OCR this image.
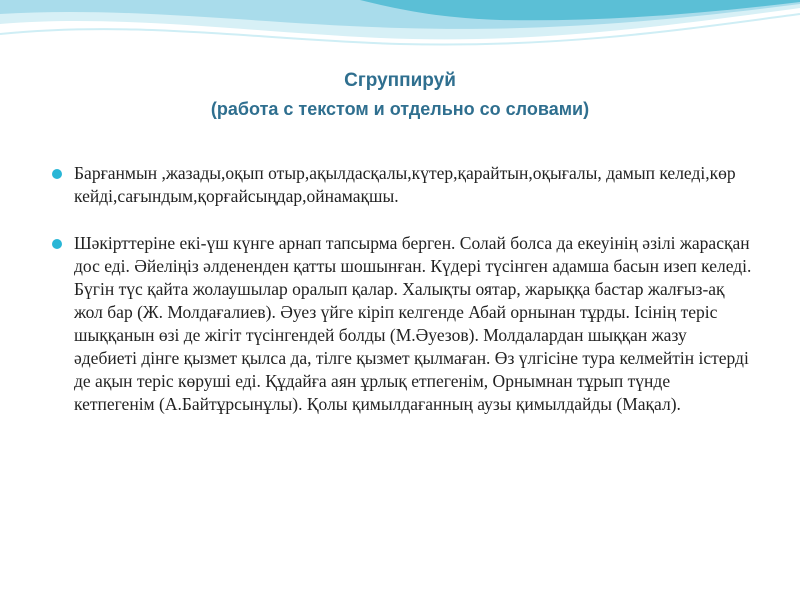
Сгруппируй
(работа с текстом и отдельно со словами)
Барғанмын ,жазады,оқып отыр,ақылдасқалы,күтер,қарайтын,оқығалы, дамып келеді,көр кейді,сағындым,қорғайсыңдар,ойнамақшы.
Шәкірттеріне екі-үш күнге арнап тапсырма берген. Солай болса да екеуінің әзілі жарасқан дос еді. Әйеліңіз әлдененден қатты шошынған. Күдері түсінген адамша басын изеп келеді. Бүгін түс қайта жолаушылар оралып қалар. Халықты оятар, жарыққа бастар жалғыз-ақ жол бар (Ж. Молдағалиев). Әуез үйге кіріп келгенде Абай орнынан тұрды. Ісінің теріс шыққанын өзі де жігіт түсінгендей болды (М.Әуезов). Молдалардан шыққан жазу әдебиеті дінге қызмет қылса да, тілге қызмет қылмаған. Өз үлгісіне тура келмейтін істерді де ақын теріс көруші еді. Құдайға аян ұрлық етпегенім, Орнымнан тұрып түнде кетпегенім (А.Байтұрсынұлы). Қолы қимылдағанның аузы қимылдайды (Мақал).
